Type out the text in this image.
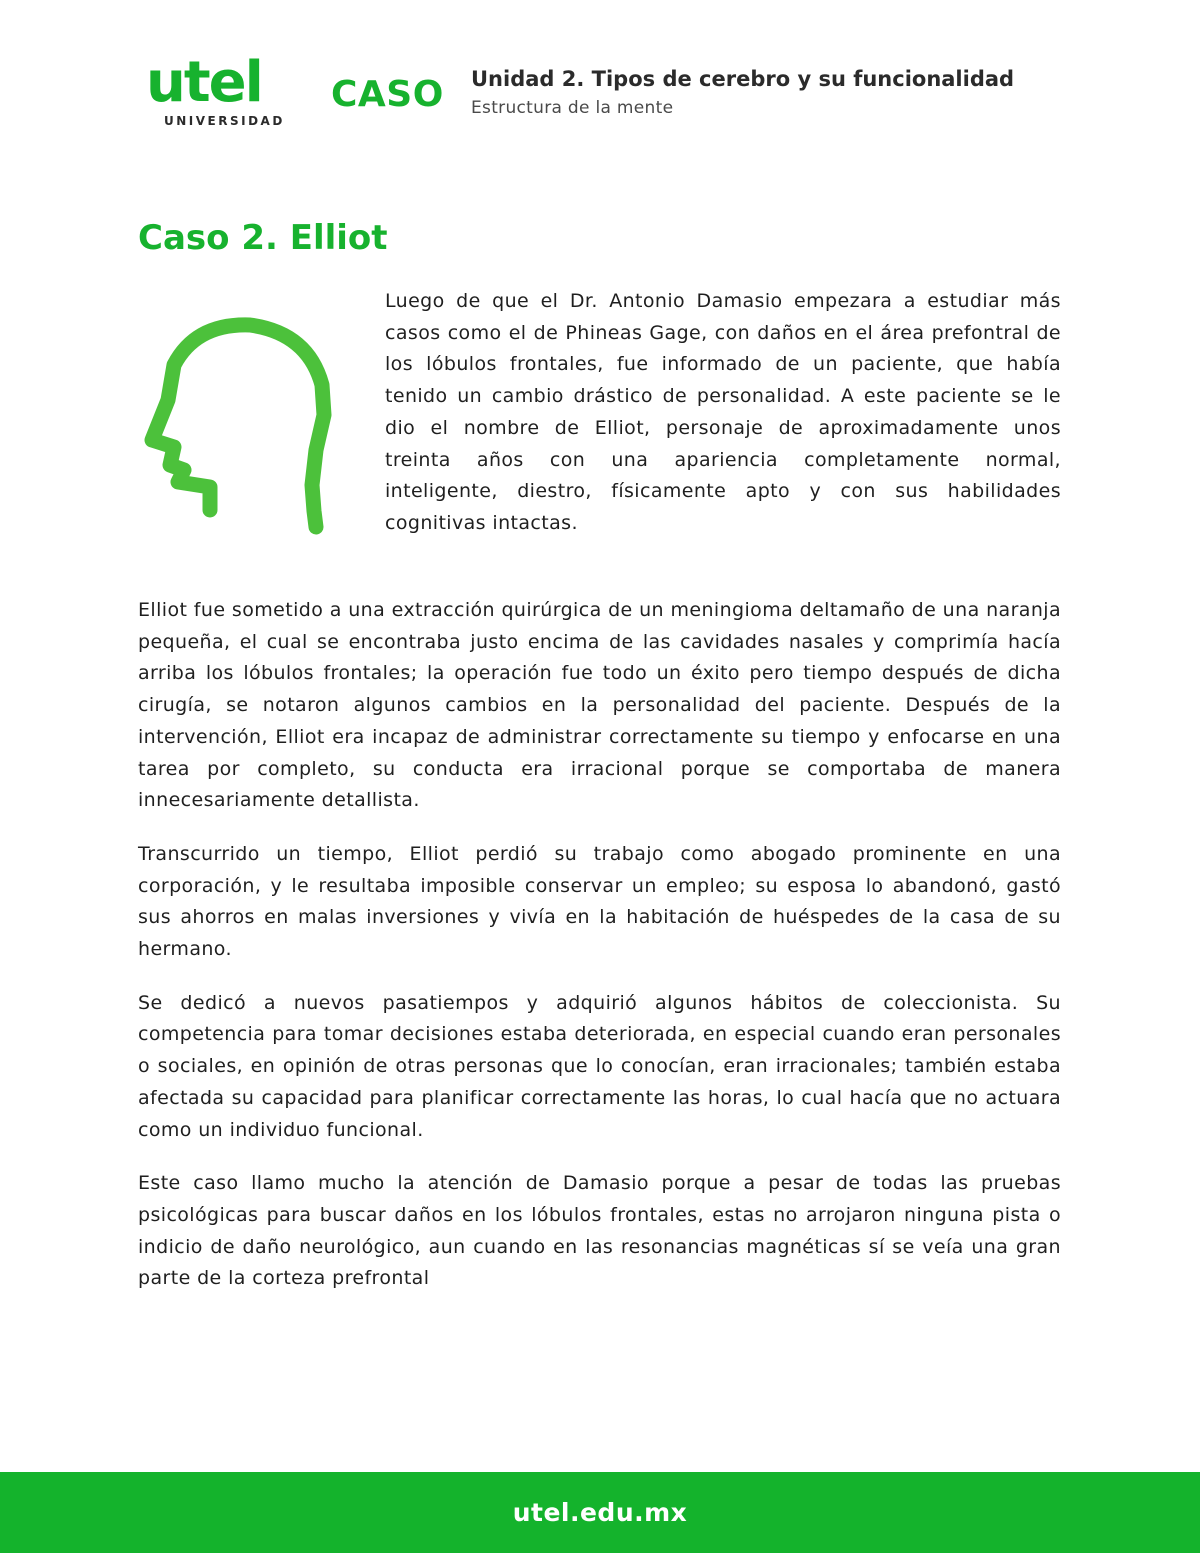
utel
UNIVERSIDAD
CASO Unidad 2. Tipos de cerebro y su funcionalidad
Estructura de la mente
Caso 2. Elliot

Luego de que el Dr. Antonio Damasio empezara a estudiar más casos como el de Phineas Gage, con daños en el área prefontral de los lóbulos frontales, fue informado de un paciente, que había tenido un cambio drástico de personalidad. A este paciente se le dio el nombre de Elliot, personaje de aproximadamente unos treinta años con una apariencia completamente normal, inteligente, diestro, físicamente apto y con sus habilidades cognitivas intactas.

Elliot fue sometido a una extracción quirúrgica de un meningioma deltamaño de una naranja pequeña, el cual se encontraba justo encima de las cavidades nasales y comprimía hacía arriba los lóbulos frontales; la operación fue todo un éxito pero tiempo después de dicha cirugía, se notaron algunos cambios en la personalidad del paciente. Después de la intervención, Elliot era incapaz de administrar correctamente su tiempo y enfocarse en una tarea por completo, su conducta era irracional porque se comportaba de manera innecesariamente detallista.

Transcurrido un tiempo, Elliot perdió su trabajo como abogado prominente en una corporación, y le resultaba imposible conservar un empleo; su esposa lo abandonó, gastó sus ahorros en malas inversiones y vivía en la habitación de huéspedes de la casa de su hermano.

Se dedicó a nuevos pasatiempos y adquirió algunos hábitos de coleccionista. Su competencia para tomar decisiones estaba deteriorada, en especial cuando eran personales o sociales, en opinión de otras personas que lo conocían, eran irracionales; también estaba afectada su capacidad para planificar correctamente las horas, lo cual hacía que no actuara como un individuo funcional.

Este caso llamo mucho la atención de Damasio porque a pesar de todas las pruebas psicológicas para buscar daños en los lóbulos frontales, estas no arrojaron ninguna pista o indicio de daño neurológico, aun cuando en las resonancias magnéticas sí se veía una gran parte de la corteza prefrontal

utel.edu.mx
